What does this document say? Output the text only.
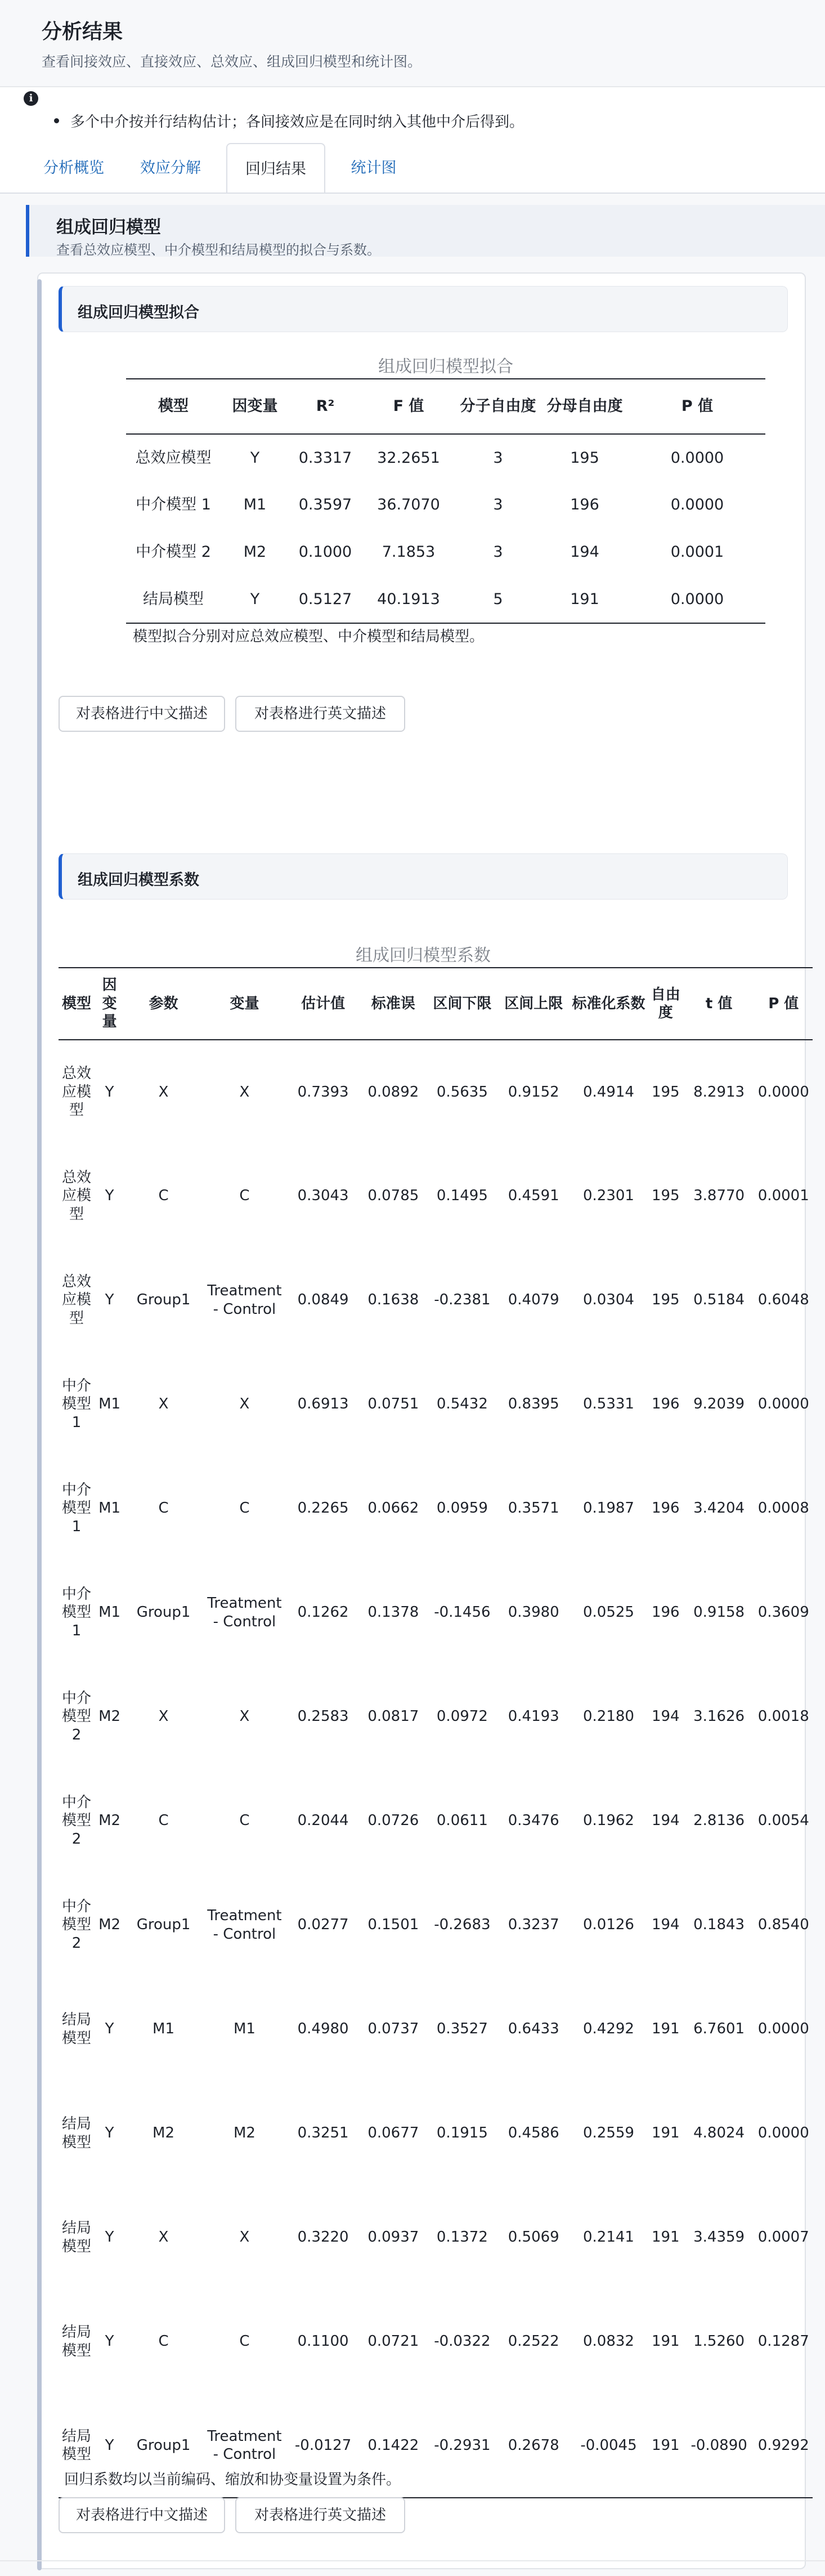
分析结果
查看间接效应、直接效应、总效应、组成回归模型和统计图。
i
多个中介按并行结构估计；各间接效应是在同时纳入其他中介后得到。
分析概览	效应分解	回归结果	统计图
组成回归模型
查看总效应模型、中介模型和结局模型的拟合与系数。
组成回归模型拟合
组成回归模型拟合
模型	因变量	R²	F 值	分子自由度	分母自由度	P 值
总效应模型	Y	0.3317	32.2651	3	195	0.0000
中介模型 1	M1	0.3597	36.7070	3	196	0.0000
中介模型 2	M2	0.1000	7.1853	3	194	0.0001
结局模型	Y	0.5127	40.1913	5	191	0.0000
模型拟合分别对应总效应模型、中介模型和结局模型。
对表格进行中文描述	对表格进行英文描述
组成回归模型系数
组成回归模型系数
模型	因变量	参数	变量	估计值	标准误	区间下限	区间上限	标准化系数	自由度	t 值	P 值
总效应模型	Y	X	X	0.7393	0.0892	0.5635	0.9152	0.4914	195	8.2913	0.0000
总效应模型	Y	C	C	0.3043	0.0785	0.1495	0.4591	0.2301	195	3.8770	0.0001
总效应模型	Y	Group1	Treatment - Control	0.0849	0.1638	-0.2381	0.4079	0.0304	195	0.5184	0.6048
中介模型 1	M1	X	X	0.6913	0.0751	0.5432	0.8395	0.5331	196	9.2039	0.0000
中介模型 1	M1	C	C	0.2265	0.0662	0.0959	0.3571	0.1987	196	3.4204	0.0008
中介模型 1	M1	Group1	Treatment - Control	0.1262	0.1378	-0.1456	0.3980	0.0525	196	0.9158	0.3609
中介模型 2	M2	X	X	0.2583	0.0817	0.0972	0.4193	0.2180	194	3.1626	0.0018
中介模型 2	M2	C	C	0.2044	0.0726	0.0611	0.3476	0.1962	194	2.8136	0.0054
中介模型 2	M2	Group1	Treatment - Control	0.0277	0.1501	-0.2683	0.3237	0.0126	194	0.1843	0.8540
结局模型	Y	M1	M1	0.4980	0.0737	0.3527	0.6433	0.4292	191	6.7601	0.0000
结局模型	Y	M2	M2	0.3251	0.0677	0.1915	0.4586	0.2559	191	4.8024	0.0000
结局模型	Y	X	X	0.3220	0.0937	0.1372	0.5069	0.2141	191	3.4359	0.0007
结局模型	Y	C	C	0.1100	0.0721	-0.0322	0.2522	0.0832	191	1.5260	0.1287
结局模型	Y	Group1	Treatment - Control	-0.0127	0.1422	-0.2931	0.2678	-0.0045	191	-0.0890	0.9292
回归系数均以当前编码、缩放和协变量设置为条件。
对表格进行中文描述	对表格进行英文描述
